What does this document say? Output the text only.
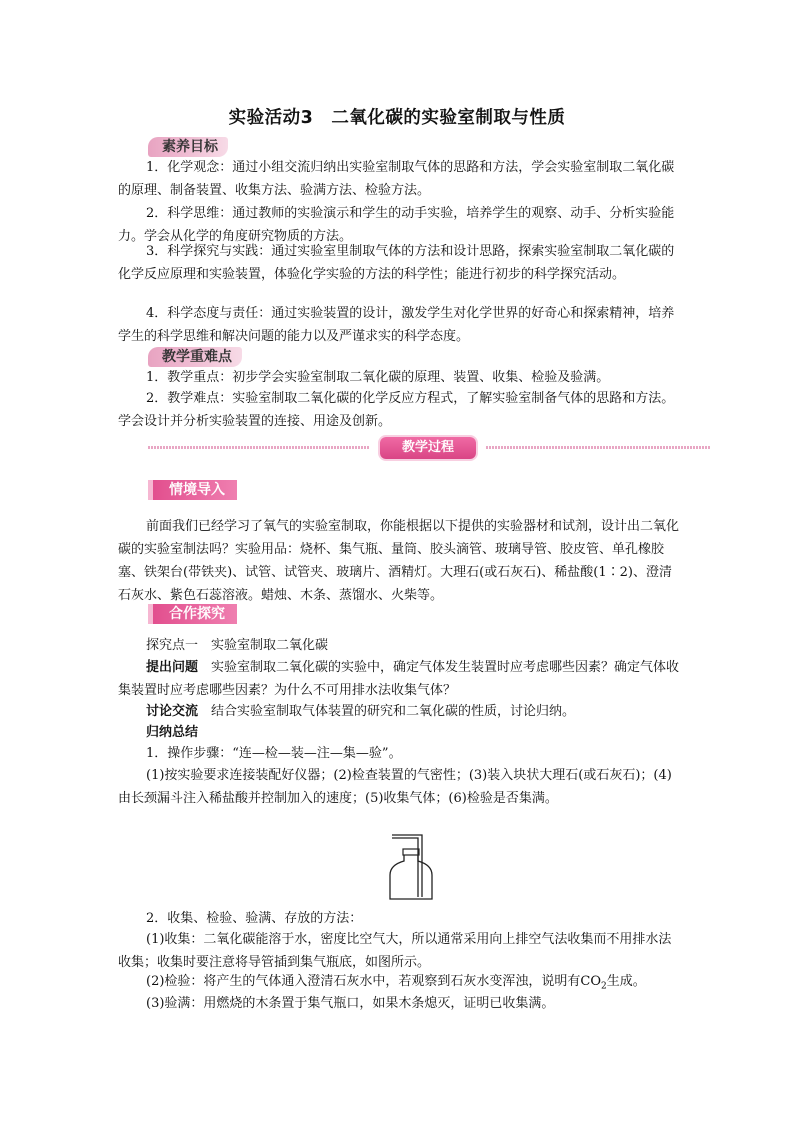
实验活动3　二氧化碳的实验室制取与性质
素养目标
1．化学观念：通过小组交流归纳出实验室制取气体的思路和方法，学会实验室制取二氧化碳的原理、制备装置、收集方法、验满方法、检验方法。
2．科学思维：通过教师的实验演示和学生的动手实验，培养学生的观察、动手、分析实验能力。学会从化学的角度研究物质的方法。
3．科学探究与实践：通过实验室里制取气体的方法和设计思路，探索实验室制取二氧化碳的化学反应原理和实验装置，体验化学实验的方法的科学性；能进行初步的科学探究活动。
4．科学态度与责任：通过实验装置的设计，激发学生对化学世界的好奇心和探索精神，培养学生的科学思维和解决问题的能力以及严谨求实的科学态度。
教学重难点
1．教学重点：初步学会实验室制取二氧化碳的原理、装置、收集、检验及验满。
2．教学难点：实验室制取二氧化碳的化学反应方程式，了解实验室制备气体的思路和方法。学会设计并分析实验装置的连接、用途及创新。
教学过程
情境导入
前面我们已经学习了氧气的实验室制取，你能根据以下提供的实验器材和试剂，设计出二氧化碳的实验室制法吗？实验用品：烧杯、集气瓶、量筒、胶头滴管、玻璃导管、胶皮管、单孔橡胶塞、铁架台(带铁夹)、试管、试管夹、玻璃片、酒精灯。大理石(或石灰石)、稀盐酸(1∶2)、澄清石灰水、紫色石蕊溶液。蜡烛、木条、蒸馏水、火柴等。
合作探究
探究点一　实验室制取二氧化碳
提出问题　 实验室制取二氧化碳的实验中，确定气体发生装置时应考虑哪些因素？确定气体收集装置时应考虑哪些因素？为什么不可用排水法收集气体？
讨论交流　 结合实验室制取气体装置的研究和二氧化碳的性质，讨论归纳。
归纳总结
1．操作步骤：“连—检—装—注—集—验”。
(1)按实验要求连接装配好仪器；(2)检查装置的气密性；(3)装入块状大理石(或石灰石)；(4)由长颈漏斗注入稀盐酸并控制加入的速度；(5)收集气体；(6)检验是否集满。
2．收集、检验、验满、存放的方法：
(1)收集：二氧化碳能溶于水，密度比空气大，所以通常采用向上排空气法收集而不用排水法收集；收集时要注意将导管插到集气瓶底，如图所示。
(2)检验：将产生的气体通入澄清石灰水中，若观察到石灰水变浑浊，说明有$CO_2$生成。
(3)验满：用燃烧的木条置于集气瓶口，如果木条熄灭，证明已收集满。
